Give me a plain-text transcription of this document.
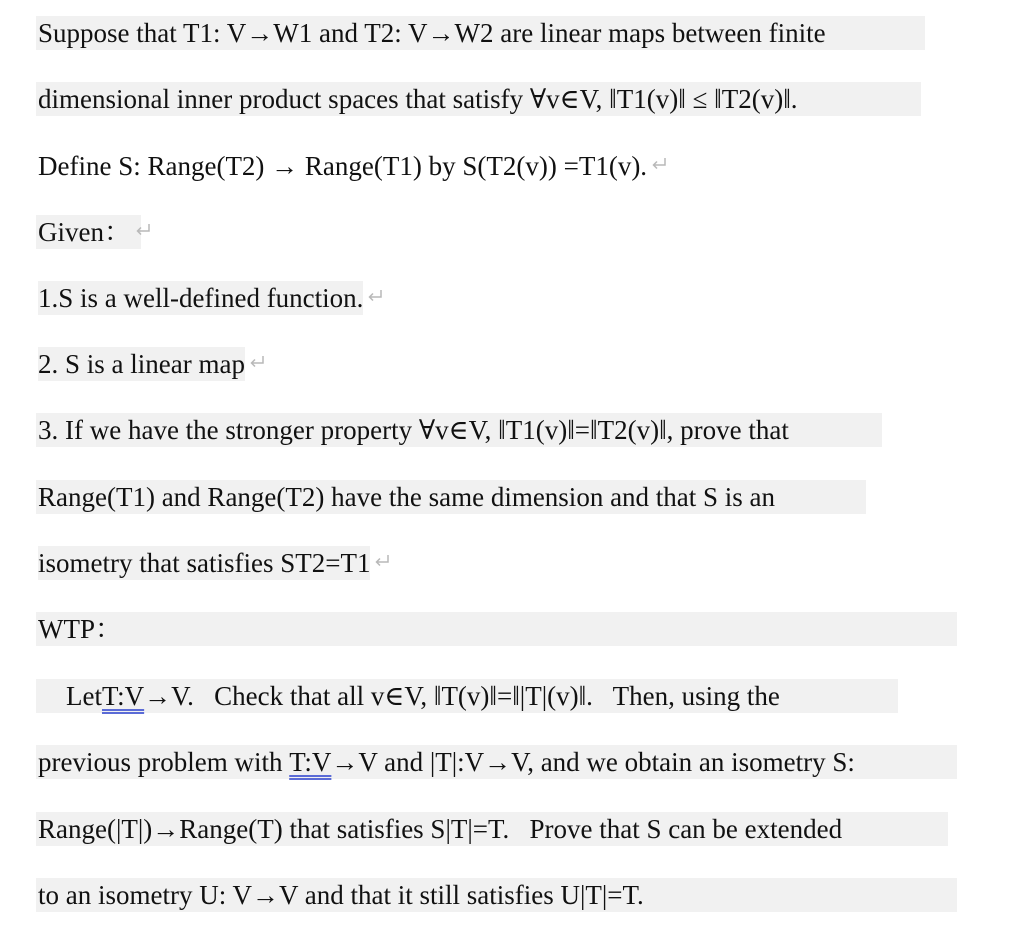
Suppose that T1: V→W1 and T2: V→W2 are linear maps between finite
dimensional inner product spaces that satisfy ∀v∈V, ‖T1(v)‖ ≤ ‖T2(v)‖.
Define S: Range(T2) → Range(T1) by S(T2(v)) =T1(v).
Given：
1.S is a well-defined function.
2. S is a linear map
3. If we have the stronger property ∀v∈V, ‖T1(v)‖=‖T2(v)‖, prove that
Range(T1) and Range(T2) have the same dimension and that S is an
isometry that satisfies ST2=T1
WTP：
Let T:V →V.   Check that all v∈V, ‖T(v)‖=‖|T|(v)‖.   Then, using the
previous problem with T:V →V and |T|:V→V, and we obtain an isometry S:
Range(|T|)→Range(T) that satisfies S|T|=T.   Prove that S can be extended
to an isometry U: V→V and that it still satisfies U|T|=T.
